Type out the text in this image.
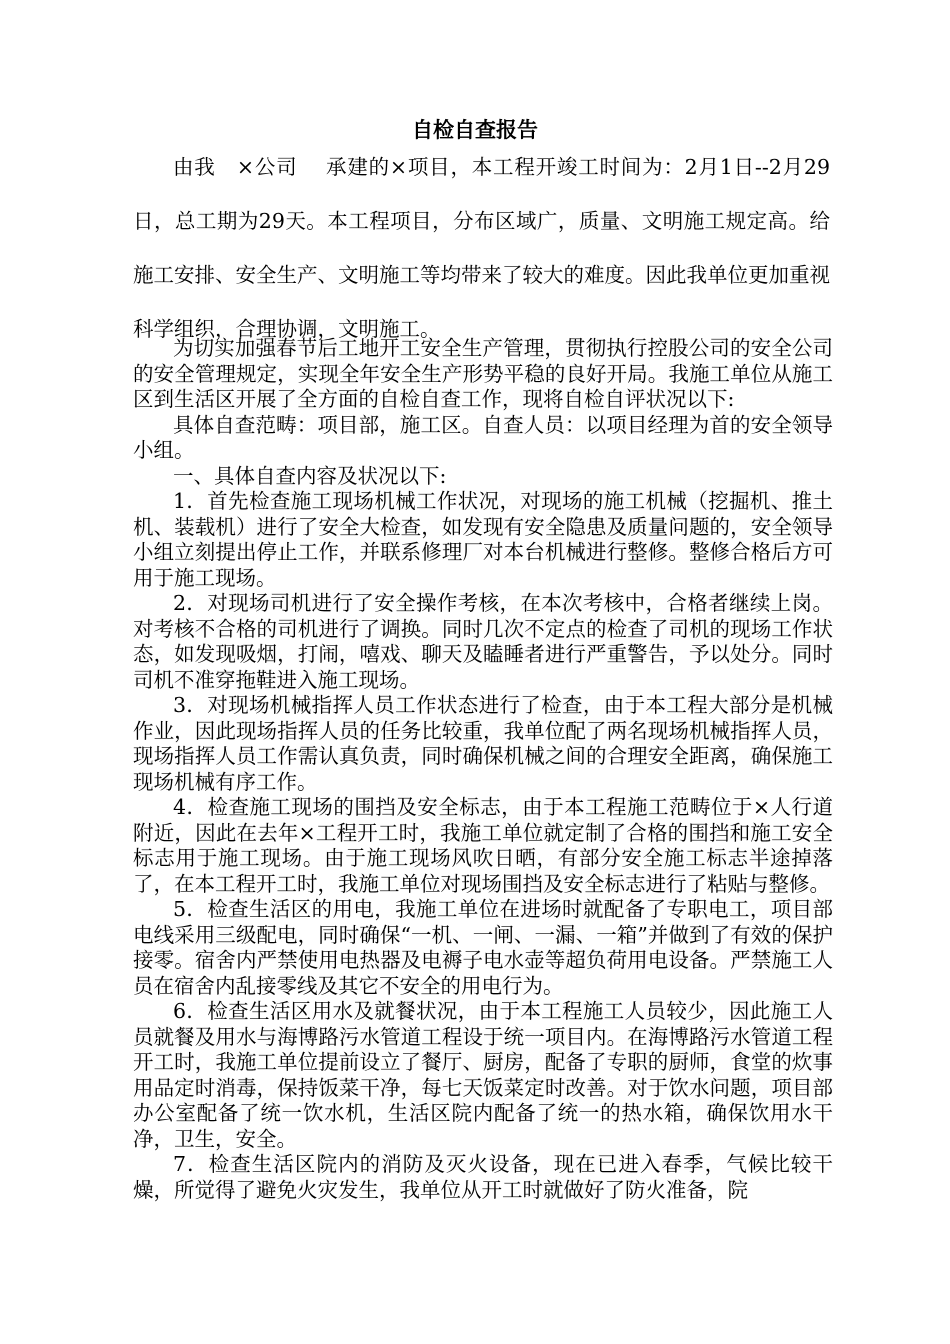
自检自查报告

由我　×公司　 承建的×项目，本工程开竣工时间为：2月1日--2月29日，总工期为29天。本工程项目，分布区域广，质量、文明施工规定高。给施工安排、安全生产、文明施工等均带来了较大的难度。因此我单位更加重视科学组织，合理协调，文明施工。

为切实加强春节后工地开工安全生产管理，贯彻执行控股公司的安全公司的安全管理规定，实现全年安全生产形势平稳的良好开局。我施工单位从施工区到生活区开展了全方面的自检自查工作，现将自检自评状况以下:

具体自查范畴：项目部，施工区。自查人员：以项目经理为首的安全领导小组。

一、具体自查内容及状况以下:

1．首先检查施工现场机械工作状况，对现场的施工机械（挖掘机、推土机、装载机）进行了安全大检查，如发现有安全隐患及质量问题的，安全领导小组立刻提出停止工作，并联系修理厂对本台机械进行整修。整修合格后方可用于施工现场。

2．对现场司机进行了安全操作考核，在本次考核中，合格者继续上岗。对考核不合格的司机进行了调换。同时几次不定点的检查了司机的现场工作状态，如发现吸烟，打闹，嘻戏、聊天及瞌睡者进行严重警告，予以处分。同时司机不准穿拖鞋进入施工现场。

3．对现场机械指挥人员工作状态进行了检查，由于本工程大部分是机械作业，因此现场指挥人员的任务比较重，我单位配了两名现场机械指挥人员，现场指挥人员工作需认真负责，同时确保机械之间的合理安全距离，确保施工现场机械有序工作。

4．检查施工现场的围挡及安全标志，由于本工程施工范畴位于×人行道附近，因此在去年×工程开工时，我施工单位就定制了合格的围挡和施工安全标志用于施工现场。由于施工现场风吹日晒，有部分安全施工标志半途掉落了，在本工程开工时，我施工单位对现场围挡及安全标志进行了粘贴与整修。

5．检查生活区的用电，我施工单位在进场时就配备了专职电工，项目部电线采用三级配电，同时确保“一机、一闸、一漏、一箱”并做到了有效的保护接零。宿舍内严禁使用电热器及电褥子电水壶等超负荷用电设备。严禁施工人员在宿舍内乱接零线及其它不安全的用电行为。

6．检查生活区用水及就餐状况，由于本工程施工人员较少，因此施工人员就餐及用水与海博路污水管道工程设于统一项目内。在海博路污水管道工程开工时，我施工单位提前设立了餐厅、厨房，配备了专职的厨师，食堂的炊事用品定时消毒，保持饭菜干净，每七天饭菜定时改善。对于饮水问题，项目部办公室配备了统一饮水机，生活区院内配备了统一的热水箱，确保饮用水干净，卫生，安全。

7．检查生活区院内的消防及灭火设备，现在已进入春季，气候比较干燥，所觉得了避免火灾发生，我单位从开工时就做好了防火准备，院
